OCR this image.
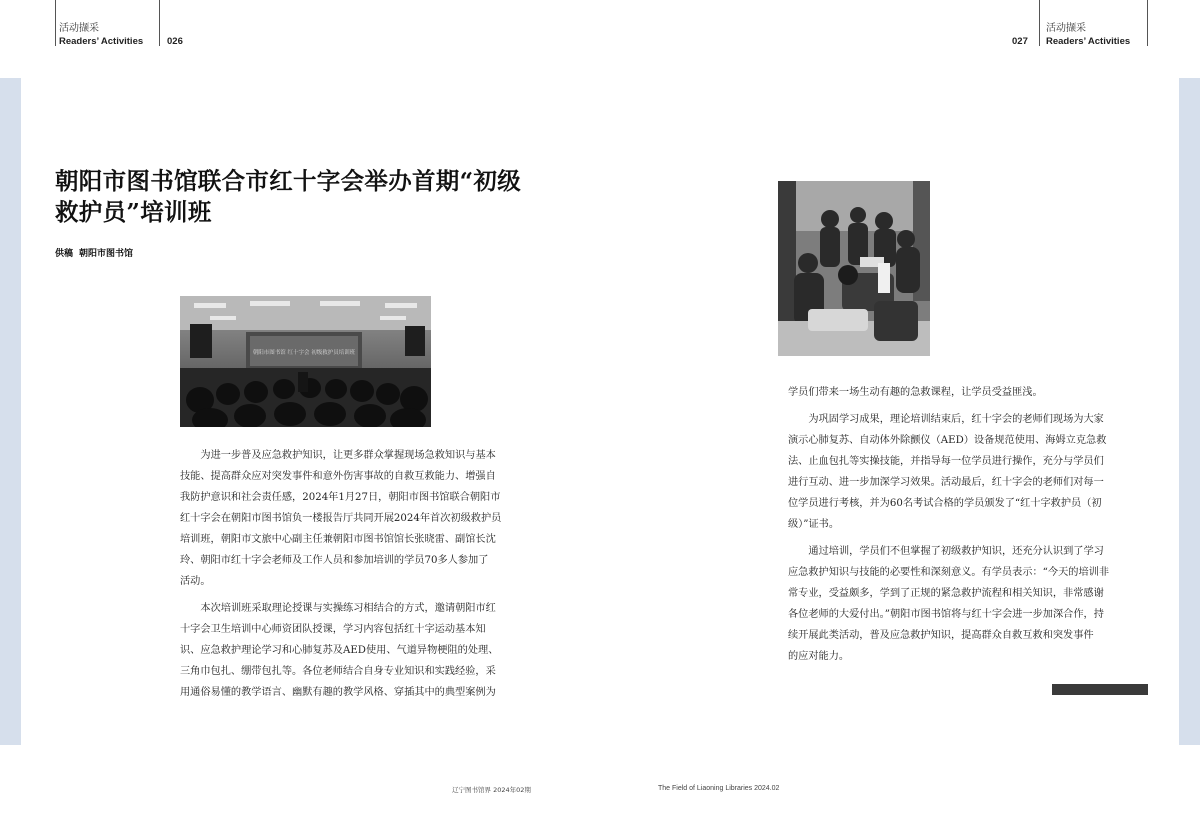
活动撷采
Readers’ Activities	026	027
活动撷采
Readers’ Activities
朝阳市图书馆联合市红十字会举办首期“初级
救护员”培训班
供稿 朝阳市图书馆
朝阳市图书馆 红十字会 初级救护员培训班

为进一步普及应急救护知识，让更多群众掌握现场急救知识与基本
技能、提高群众应对突发事件和意外伤害事故的自救互救能力、增强自
我防护意识和社会责任感，2024年1月27日，朝阳市图书馆联合朝阳市
红十字会在朝阳市图书馆负一楼报告厅共同开展2024年首次初级救护员
培训班，朝阳市文旅中心副主任兼朝阳市图书馆馆长张晓雷、副馆长沈
玲、朝阳市红十字会老师及工作人员和参加培训的学员70多人参加了
活动。

本次培训班采取理论授课与实操练习相结合的方式，邀请朝阳市红
十字会卫生培训中心师资团队授课，学习内容包括红十字运动基本知
识、应急救护理论学习和心肺复苏及AED使用、气道异物梗阻的处理、
三角巾包扎、绷带包扎等。各位老师结合自身专业知识和实践经验，采
用通俗易懂的教学语言、幽默有趣的教学风格、穿插其中的典型案例为

学员们带来一场生动有趣的急救课程，让学员受益匪浅。

为巩固学习成果，理论培训结束后，红十字会的老师们现场为大家
演示心肺复苏、自动体外除颤仪（AED）设备规范使用、海姆立克急救
法、止血包扎等实操技能，并指导每一位学员进行操作，充分与学员们
进行互动、进一步加深学习效果。活动最后，红十字会的老师们对每一
位学员进行考核，并为60名考试合格的学员颁发了“红十字救护员（初
级）”证书。

通过培训，学员们不但掌握了初级救护知识，还充分认识到了学习
应急救护知识与技能的必要性和深刻意义。有学员表示：“今天的培训非
常专业，受益颇多，学到了正规的紧急救护流程和相关知识，非常感谢
各位老师的大爱付出。”朝阳市图书馆将与红十字会进一步加深合作，持
续开展此类活动，普及应急救护知识，提高群众自救互救和突发事件
的应对能力。

辽宁图书馆界 2024年02期	The Field of Liaoning Libraries 2024.02
